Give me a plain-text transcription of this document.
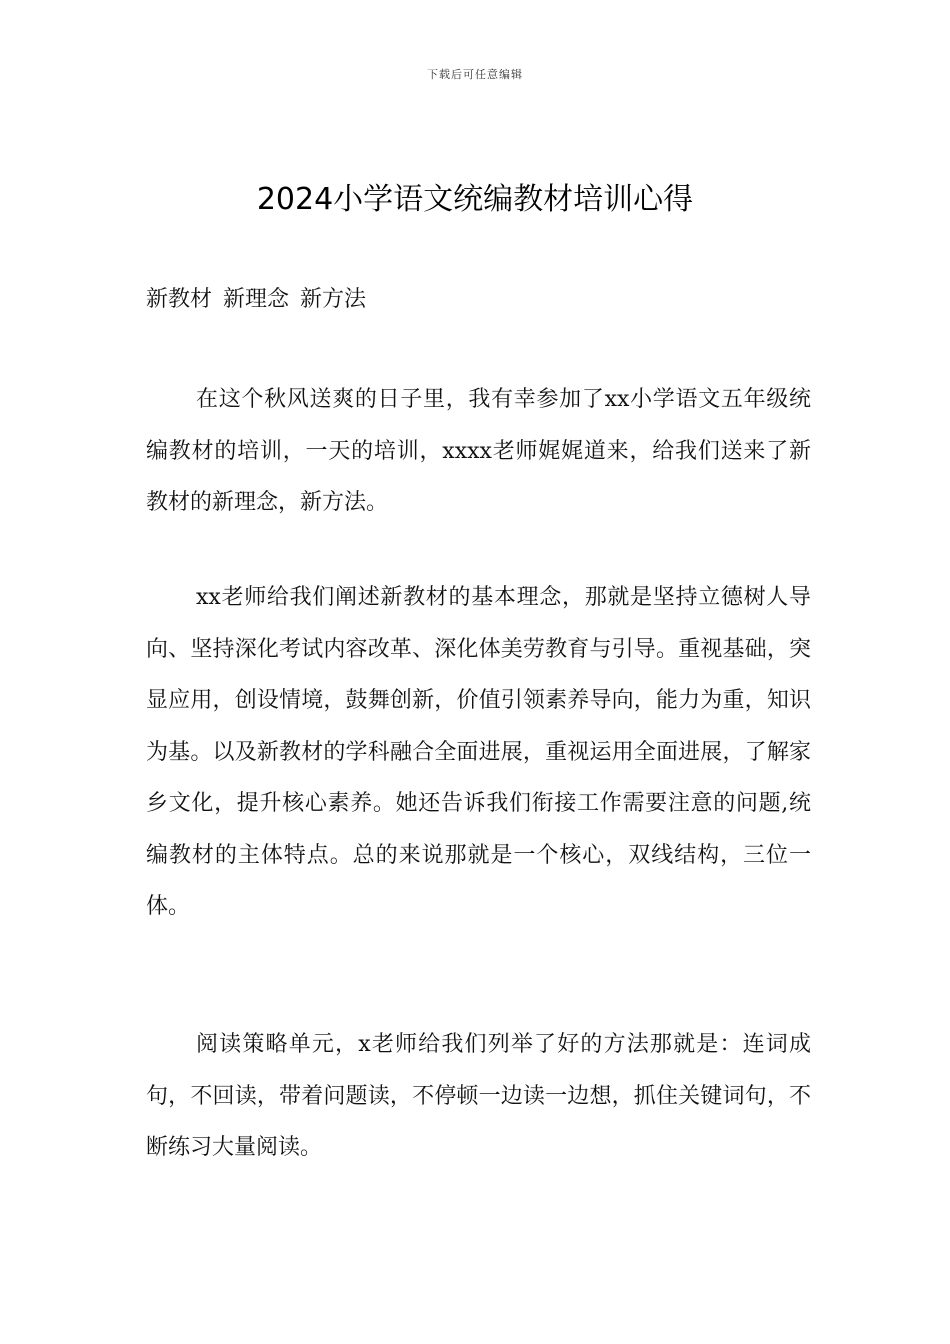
下载后可任意编辑
2024小学语文统编教材培训心得
新教材 新理念 新方法

在这个秋风送爽的日子里，我有幸参加了xx小学语文五年级统编教材的培训，一天的培训，xxxx老师娓娓道来，给我们送来了新教材的新理念，新方法。

xx老师给我们阐述新教材的基本理念，那就是坚持立德树人导向、坚持深化考试内容改革、深化体美劳教育与引导。重视基础，突显应用，创设情境，鼓舞创新，价值引领素养导向，能力为重，知识为基。以及新教材的学科融合全面进展，重视运用全面进展，了解家乡文化，提升核心素养。她还告诉我们衔接工作需要注意的问题,统编教材的主体特点。总的来说那就是一个核心，双线结构，三位一体。

阅读策略单元，x老师给我们列举了好的方法那就是：连词成句，不回读，带着问题读，不停顿一边读一边想，抓住关键词句，不断练习大量阅读。
